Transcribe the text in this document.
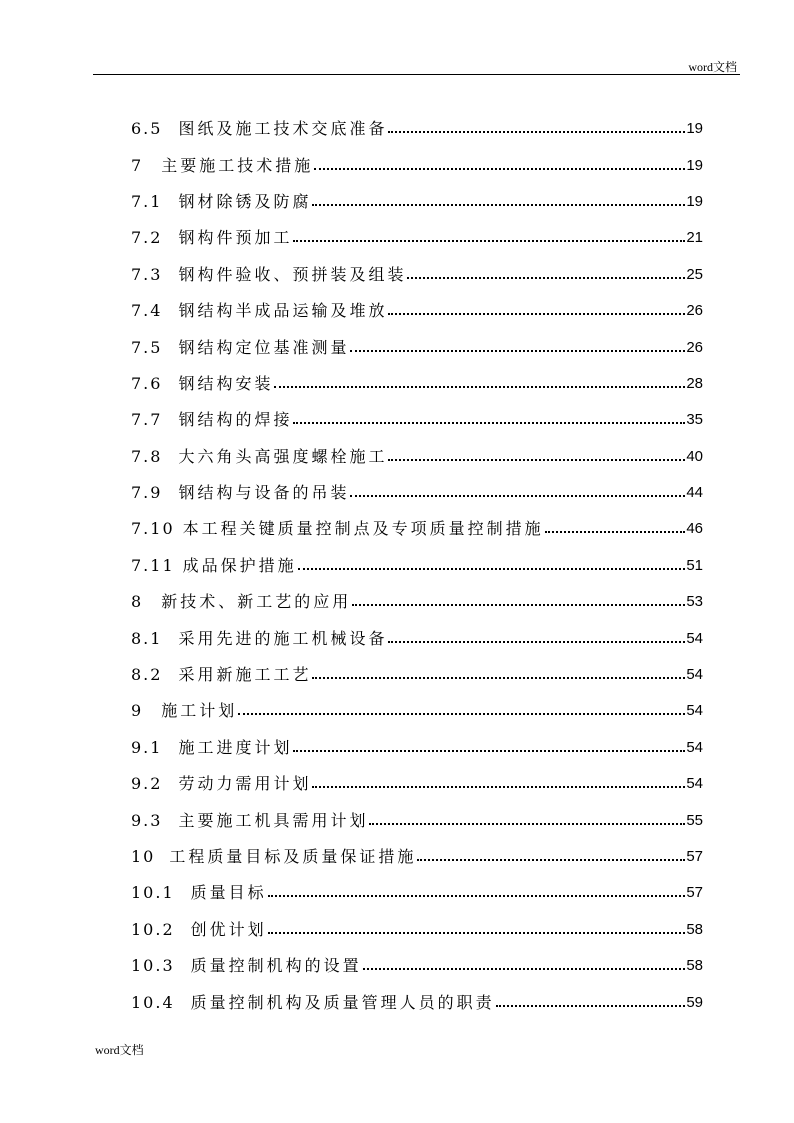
word文档
6.5 图纸及施工技术交底准备	19
7 主要施工技术措施	19
7.1 钢材除锈及防腐	19
7.2 钢构件预加工	21
7.3 钢构件验收、预拼装及组装	25
7.4 钢结构半成品运输及堆放	26
7.5 钢结构定位基准测量	26
7.6 钢结构安装	28
7.7 钢结构的焊接	35
7.8 大六角头高强度螺栓施工	40
7.9 钢结构与设备的吊装	44
7.10 本工程关键质量控制点及专项质量控制措施	46
7.11 成品保护措施	51
8 新技术、新工艺的应用	53
8.1 采用先进的施工机械设备	54
8.2 采用新施工工艺	54
9 施工计划	54
9.1 施工进度计划	54
9.2 劳动力需用计划	54
9.3 主要施工机具需用计划	55
10 工程质量目标及质量保证措施	57
10.1 质量目标	57
10.2 创优计划	58
10.3 质量控制机构的设置	58
10.4 质量控制机构及质量管理人员的职责	59
word文档
